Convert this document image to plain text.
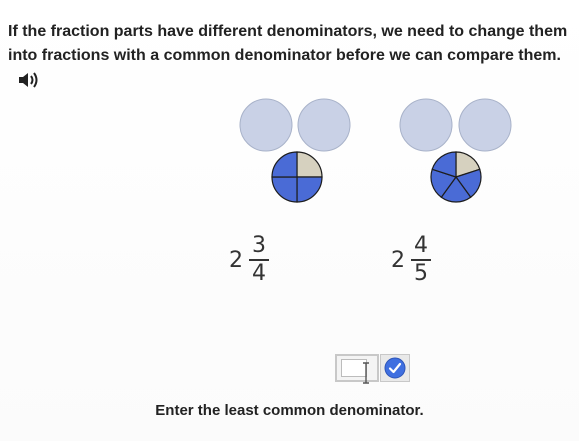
If the fraction parts have different denominators, we need to change them into fractions with a common denominator before we can compare them.
$2 \frac{3}{4}$	$2 \frac{4}{5}$
Enter the least common denominator.
